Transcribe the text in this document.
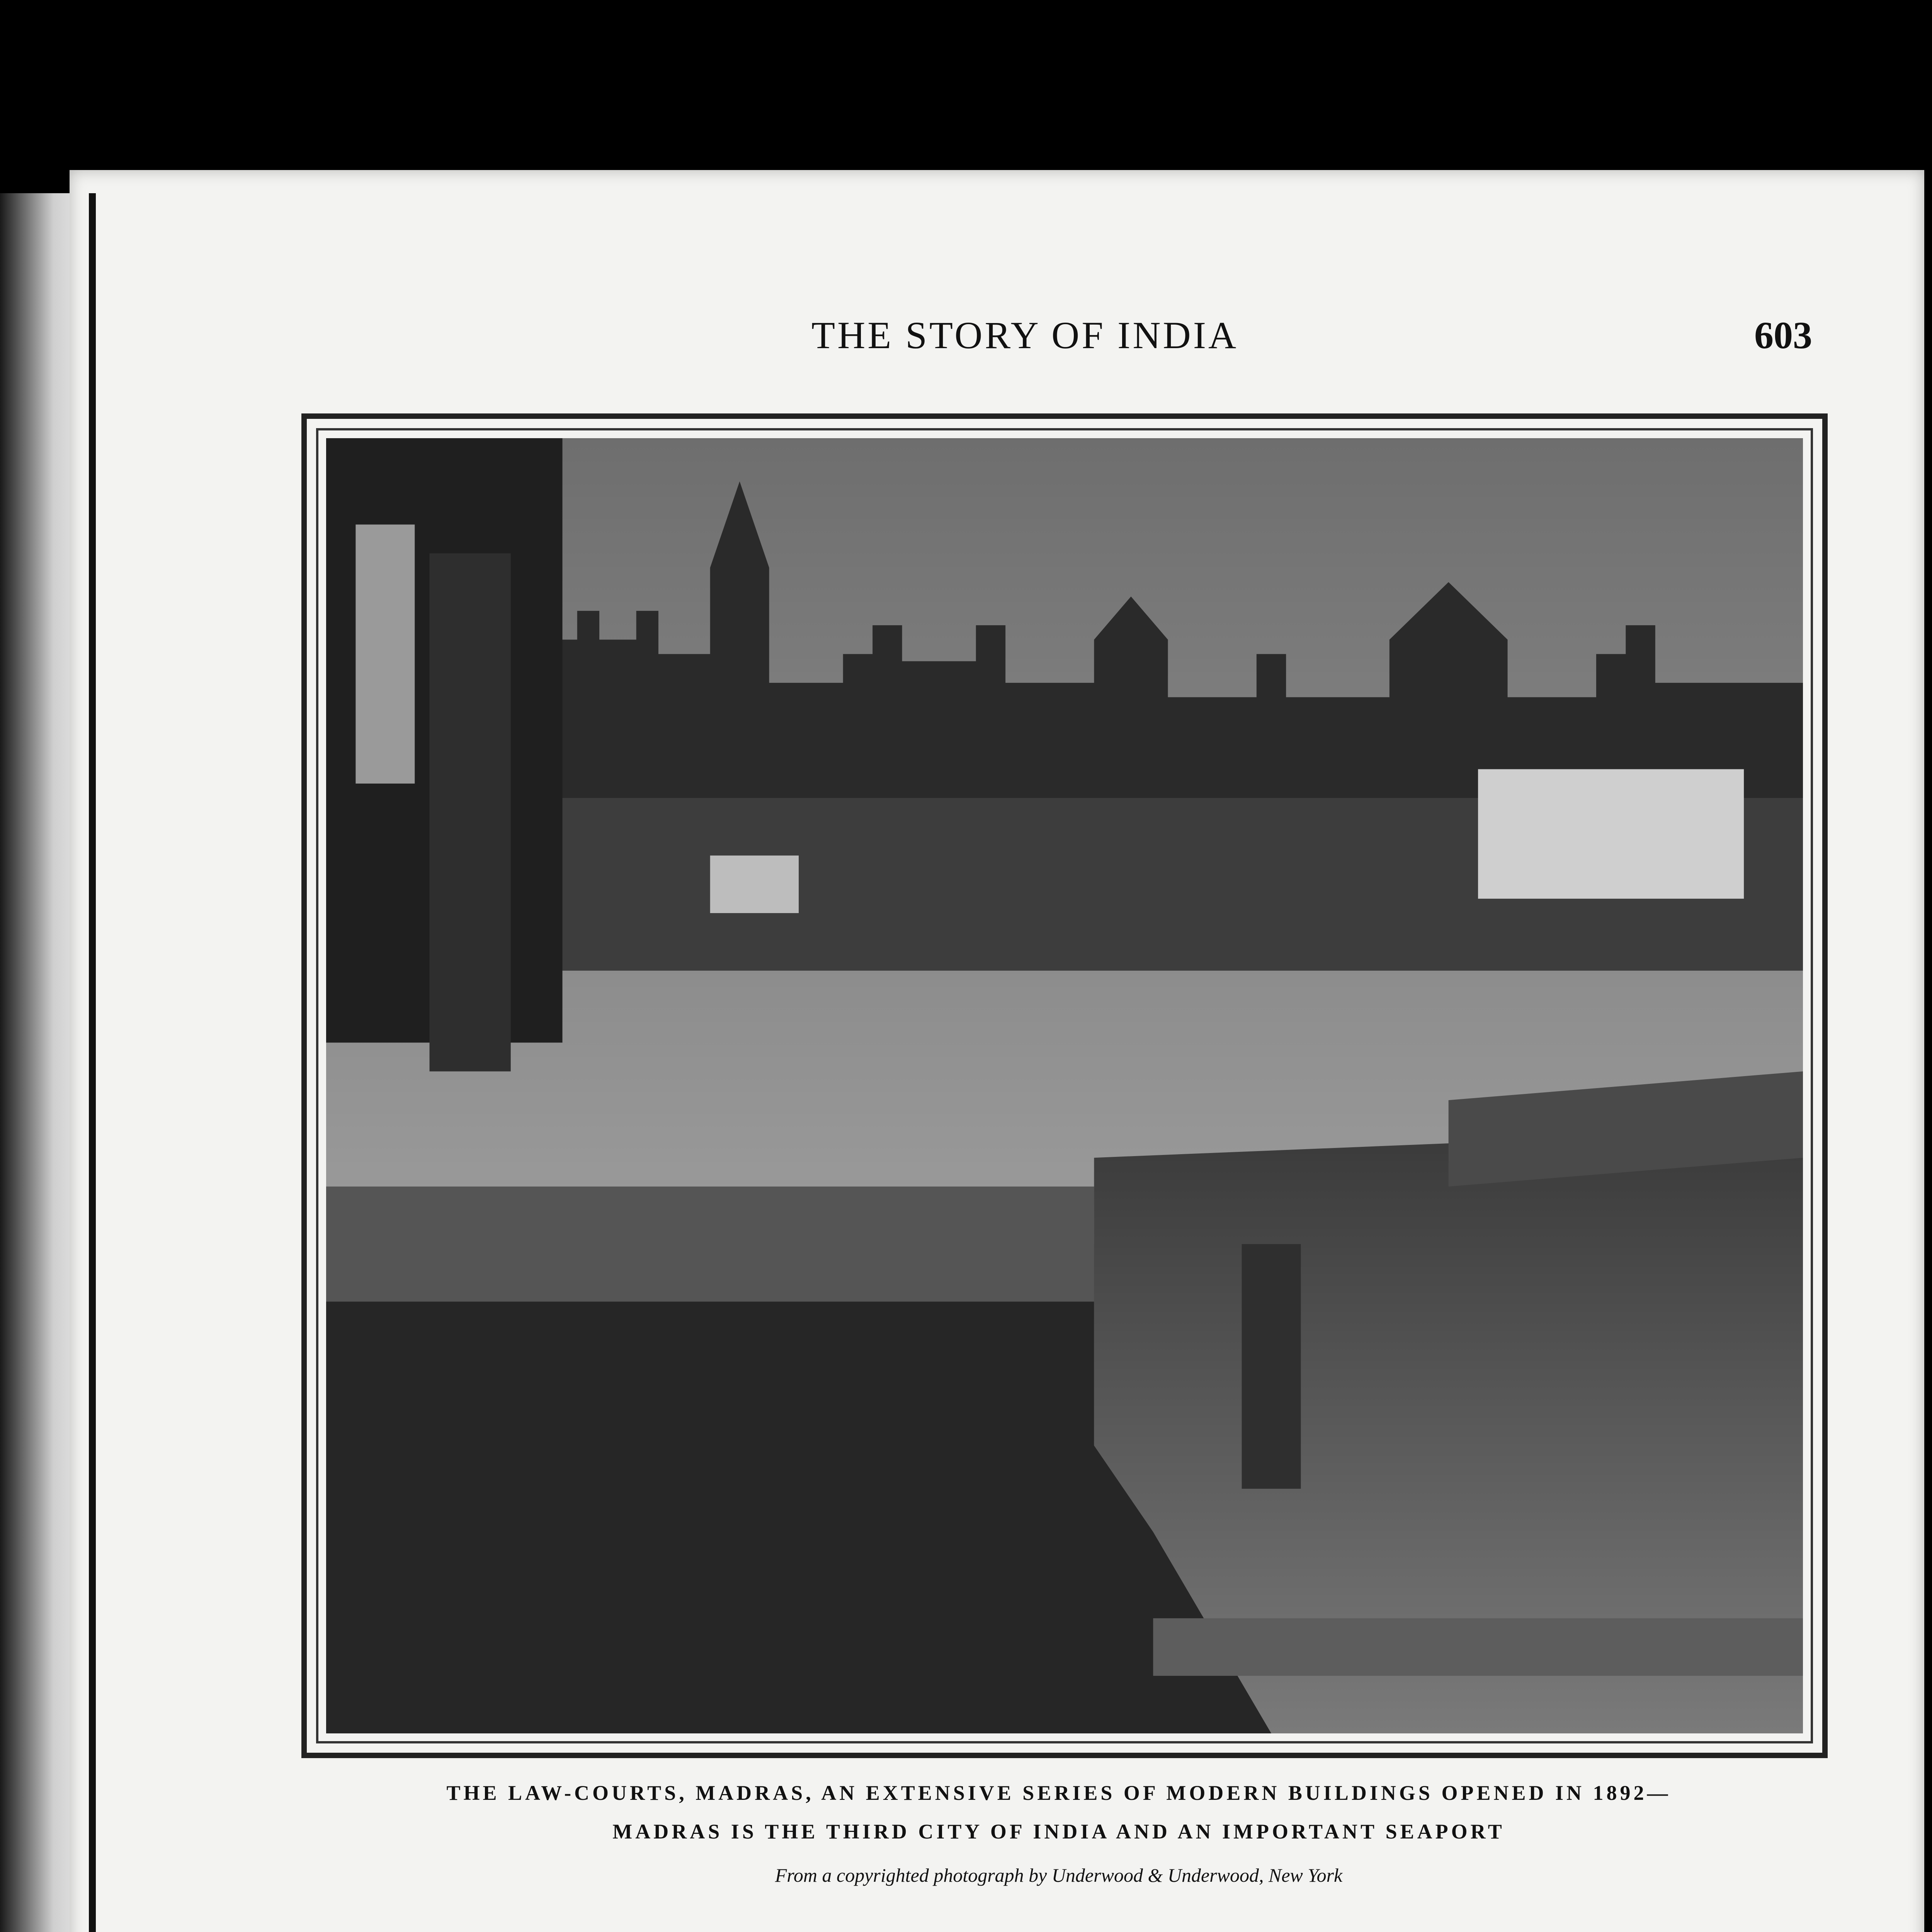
THE STORY OF INDIA	603
THE LAW-COURTS, MADRAS, AN EXTENSIVE SERIES OF MODERN BUILDINGS OPENED IN 1892—
MADRAS IS THE THIRD CITY OF INDIA AND AN IMPORTANT SEAPORT
From a copyrighted photograph by Underwood & Underwood, New York
